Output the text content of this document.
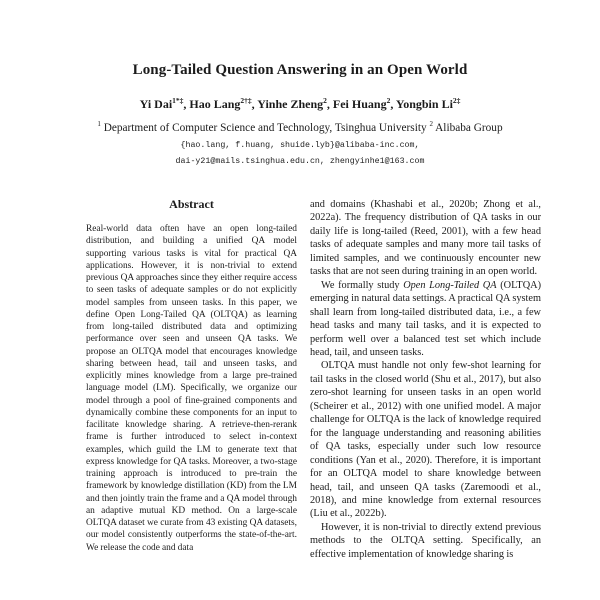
Long-Tailed Question Answering in an Open World
Yi Dai$^{1*\ddagger}$, Hao Lang$^{2\dagger\ddagger}$, Yinhe Zheng$^2$, Fei Huang$^2$, Yongbin $Li^{2\ddagger}$
$^1$ Department of Computer Science and Technology, Tsinghua University $^2$ Alibaba Group
{hao.lang, f.huang, shuide.lyb}@alibaba-inc.com,
dai-y21@mails.tsinghua.edu.cn, zhengyinhe1@163.com
Abstract
Real-world data often have an open long-tailed distribution, and building a unified QA model supporting various tasks is vital for practical QA applications. However, it is non-trivial to extend previous QA approaches since they either require access to seen tasks of adequate samples or do not explicitly model samples from unseen tasks. In this paper, we define Open Long-Tailed QA (OLTQA) as learning from long-tailed distributed data and optimizing performance over seen and unseen QA tasks. We propose an OLTQA model that encourages knowledge sharing between head, tail and unseen tasks, and explicitly mines knowledge from a large pre-trained language model (LM). Specifically, we organize our model through a pool of fine-grained components and dynamically combine these components for an input to facilitate knowledge sharing. A retrieve-then-rerank frame is further introduced to select in-context examples, which guild the LM to generate text that express knowledge for QA tasks. Moreover, a two-stage training approach is introduced to pre-train the framework by knowledge distillation (KD) from the LM and then jointly train the frame and a QA model through an adaptive mutual KD method. On a large-scale OLTQA dataset we curate from 43 existing QA datasets, our model consistently outperforms the state-of-the-art. We release the code and data

and domains (Khashabi et al., 2020b; Zhong et al., 2022a). The frequency distribution of QA tasks in our daily life is long-tailed (Reed, 2001), with a few head tasks of adequate samples and many more tail tasks of limited samples, and we continuously encounter new tasks that are not seen during training in an open world.

We formally study Open Long-Tailed QA (OLTQA) emerging in natural data settings. A practical QA system shall learn from long-tailed distributed data, i.e., a few head tasks and many tail tasks, and it is expected to perform well over a balanced test set which include head, tail, and unseen tasks.

OLTQA must handle not only few-shot learning for tail tasks in the closed world (Shu et al., 2017), but also zero-shot learning for unseen tasks in an open world (Scheirer et al., 2012) with one unified model. A major challenge for OLTQA is the lack of knowledge required for the language understanding and reasoning abilities of QA tasks, especially under such low resource conditions (Yan et al., 2020). Therefore, it is important for an OLTQA model to share knowledge between head, tail, and unseen QA tasks (Zaremoodi et al., 2018), and mine knowledge from external resources (Liu et al., 2022b).

However, it is non-trivial to directly extend previous methods to the OLTQA setting. Specifically, an effective implementation of knowledge sharing is
